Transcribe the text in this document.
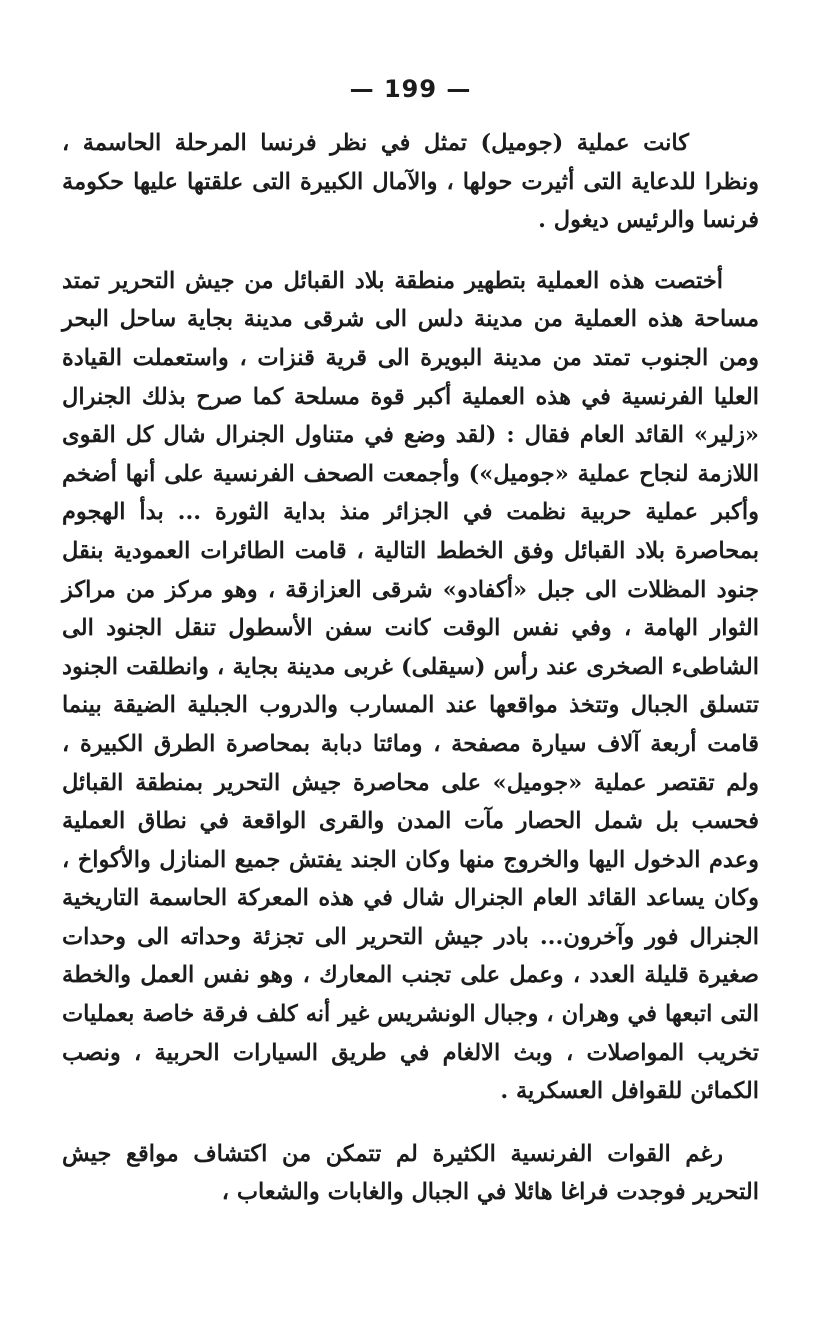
— 199 —

كانت عملية (جوميل) تمثل في نظر فرنسا المرحلة الحاسمة ، ونظرا للدعاية التى أثيرت حولها ، والآمال الكبيرة التى علقتها عليها حكومة فرنسا والرئيس ديغول .

أختصت هذه العملية بتطهير منطقة بلاد القبائل من جيش التحرير تمتد مساحة هذه العملية من مدينة دلس الى شرقى مدينة بجاية ساحل البحر ومن الجنوب تمتد من مدينة البويرة الى قرية قنزات ، واستعملت القيادة العليا الفرنسية في هذه العملية أكبر قوة مسلحة كما صرح بذلك الجنرال «زلير» القائد العام فقال : (لقد وضع في متناول الجنرال شال كل القوى اللازمة لنجاح عملية «جوميل») وأجمعت الصحف الفرنسية على أنها أضخم وأكبر عملية حربية نظمت في الجزائر منذ بداية الثورة ... بدأ الهجوم بمحاصرة بلاد القبائل وفق الخطط التالية ، قامت الطائرات العمودية بنقل جنود المظلات الى جبل «أكفادو» شرقى العزازقة ، وهو مركز من مراكز الثوار الهامة ، وفي نفس الوقت كانت سفن الأسطول تنقل الجنود الى الشاطىء الصخرى عند رأس (سيقلى) غربى مدينة بجاية ، وانطلقت الجنود تتسلق الجبال وتتخذ مواقعها عند المسارب والدروب الجبلية الضيقة بينما قامت أربعة آلاف سيارة مصفحة ، ومائتا دبابة بمحاصرة الطرق الكبيرة ، ولم تقتصر عملية «جوميل» على محاصرة جيش التحرير بمنطقة القبائل فحسب بل شمل الحصار مآت المدن والقرى الواقعة في نطاق العملية وعدم الدخول اليها والخروج منها وكان الجند يفتش جميع المنازل والأكواخ ، وكان يساعد القائد العام الجنرال شال في هذه المعركة الحاسمة التاريخية الجنرال فور وآخرون... بادر جيش التحرير الى تجزئة وحداته الى وحدات صغيرة قليلة العدد ، وعمل على تجنب المعارك ، وهو نفس العمل والخطة التى اتبعها في وهران ، وجبال الونشريس غير أنه كلف فرقة خاصة بعمليات تخريب المواصلات ، وبث الالغام في طريق السيارات الحربية ، ونصب الكمائن للقوافل العسكرية .

رغم القوات الفرنسية الكثيرة لم تتمكن من اكتشاف مواقع جيش التحرير فوجدت فراغا هائلا في الجبال والغابات والشعاب ،
